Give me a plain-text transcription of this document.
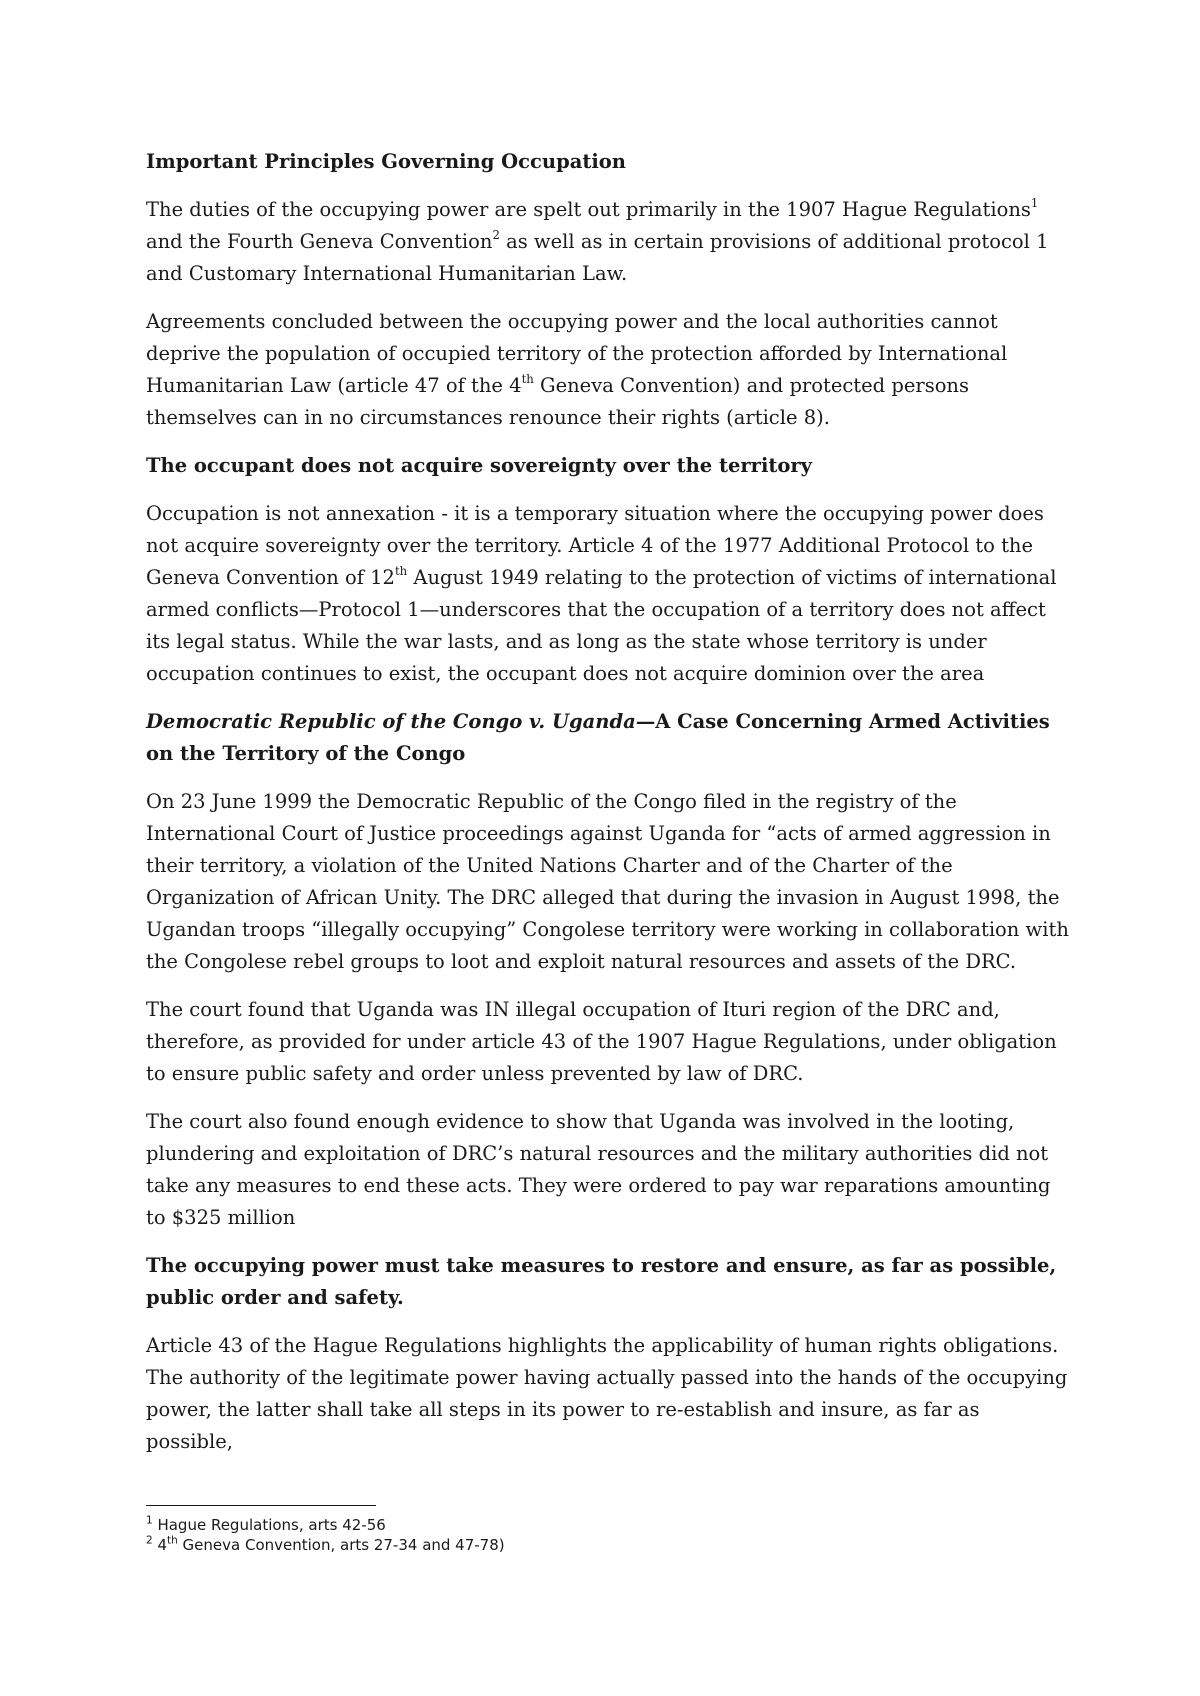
Important Principles Governing Occupation

The duties of the occupying power are spelt out primarily in the 1907 Hague Regulations$^1$ and the Fourth Geneva Convention$^2$ as well as in certain provisions of additional protocol 1 and Customary International Humanitarian Law.

Agreements concluded between the occupying power and the local authorities cannot deprive the population of occupied territory of the protection afforded by International Humanitarian Law (article 47 of the 4th Geneva Convention) and protected persons themselves can in no circumstances renounce their rights (article 8).

The occupant does not acquire sovereignty over the territory

Occupation is not annexation - it is a temporary situation where the occupying power does not acquire sovereignty over the territory. Article 4 of the 1977 Additional Protocol to the Geneva Convention of 12th August 1949 relating to the protection of victims of international armed conflicts—Protocol 1—underscores that the occupation of a territory does not affect its legal status. While the war lasts, and as long as the state whose territory is under occupation continues to exist, the occupant does not acquire dominion over the area

Democratic Republic of the Congo v. Uganda—A Case Concerning Armed Activities on the Territory of the Congo

On 23 June 1999 the Democratic Republic of the Congo filed in the registry of the International Court of Justice proceedings against Uganda for “acts of armed aggression in their territory, a violation of the United Nations Charter and of the Charter of the Organization of African Unity. The DRC alleged that during the invasion in August 1998, the Ugandan troops “illegally occupying” Congolese territory were working in collaboration with the Congolese rebel groups to loot and exploit natural resources and assets of the DRC.

The court found that Uganda was IN illegal occupation of Ituri region of the DRC and, therefore, as provided for under article 43 of the 1907 Hague Regulations, under obligation to ensure public safety and order unless prevented by law of DRC.

The court also found enough evidence to show that Uganda was involved in the looting, plundering and exploitation of DRC’s natural resources and the military authorities did not take any measures to end these acts. They were ordered to pay war reparations amounting to $325 million

The occupying power must take measures to restore and ensure, as far as possible, public order and safety.

Article 43 of the Hague Regulations highlights the applicability of human rights obligations. The authority of the legitimate power having actually passed into the hands of the occupying power, the latter shall take all steps in its power to re-establish and insure, as far as possible,

$^1$ Hague Regulations, arts 42-56
$^2$ 4th Geneva Convention, arts 27-34 and 47-78)
